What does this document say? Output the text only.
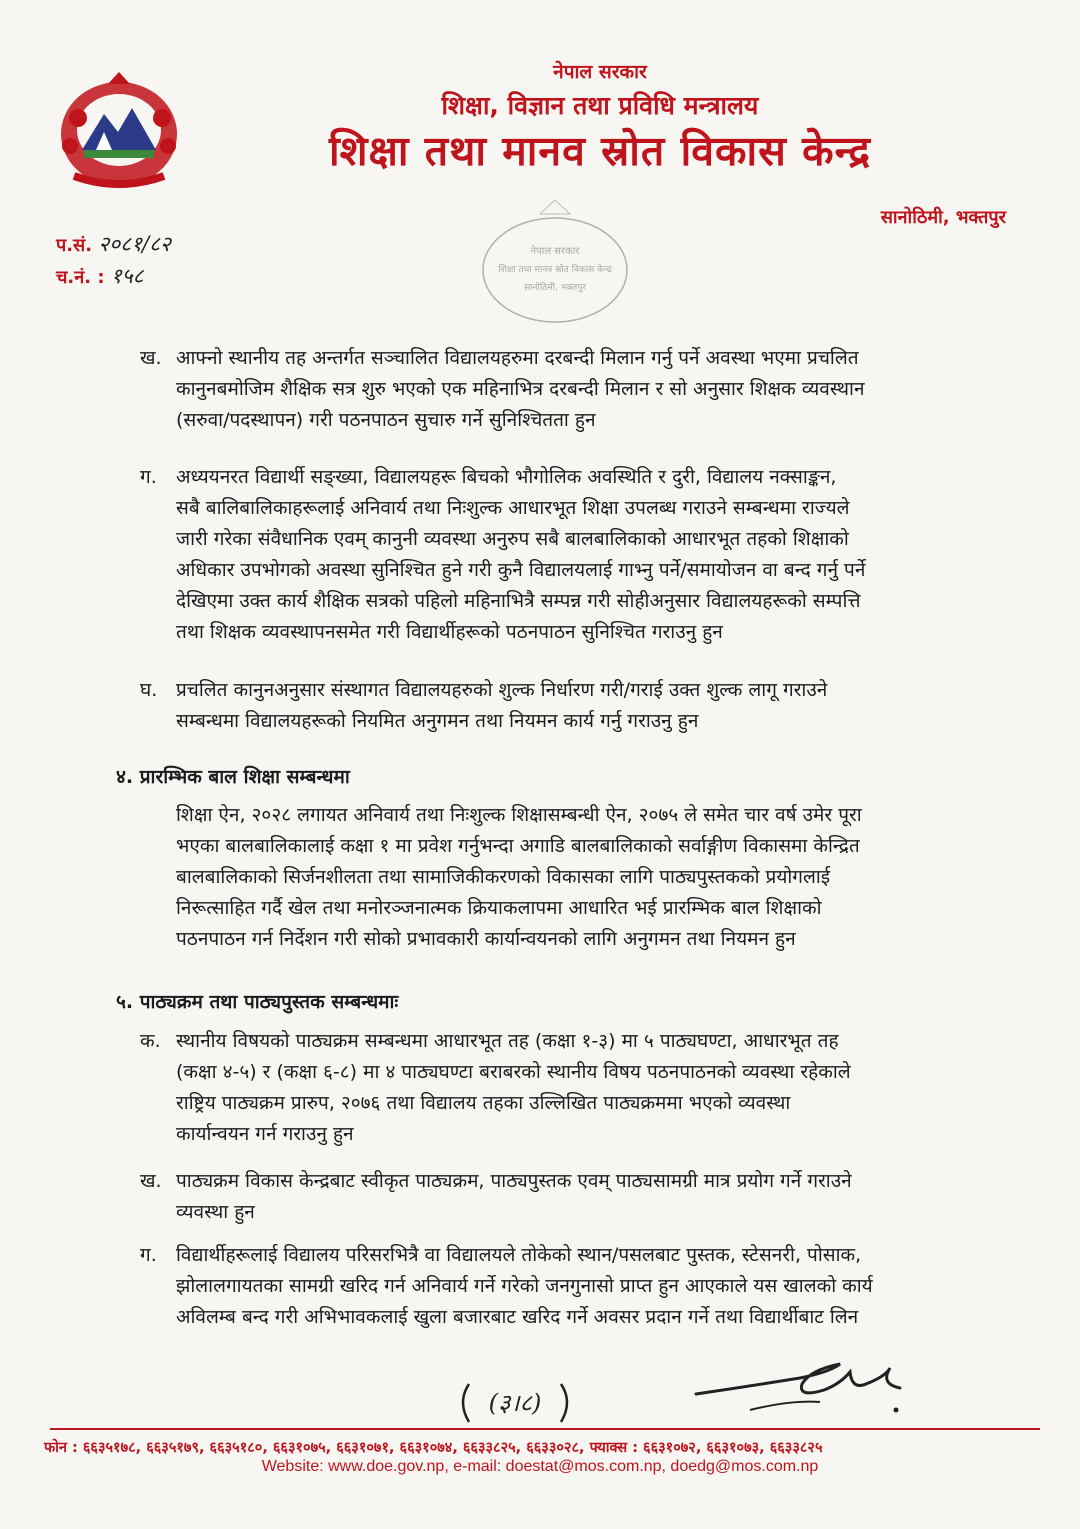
नेपाल सरकार
शिक्षा, विज्ञान तथा प्रविधि मन्त्रालय
शिक्षा तथा मानव स्रोत विकास केन्द्र
सानोठिमी, भक्तपुर
प.सं. २०८१/८२
च.नं. : १५८
नेपाल सरकार
शिक्षा तथा मानव स्रोत विकास केन्द्र
सानोठिमी, भक्तपुर
ख. आफ्नो स्थानीय तह अन्तर्गत सञ्चालित विद्यालयहरुमा दरबन्दी मिलान गर्नु पर्ने अवस्था भएमा प्रचलित
कानुनबमोजिम शैक्षिक सत्र शुरु भएको एक महिनाभित्र दरबन्दी मिलान र सो अनुसार शिक्षक व्यवस्थान
(सरुवा/पदस्थापन) गरी पठनपाठन सुचारु गर्ने सुनिश्चितता हुन
ग. अध्ययनरत विद्यार्थी सङ्ख्या, विद्यालयहरू बिचको भौगोलिक अवस्थिति र दुरी, विद्यालय नक्साङ्कन,
सबै बालिबालिकाहरूलाई अनिवार्य तथा निःशुल्क आधारभूत शिक्षा उपलब्ध गराउने सम्बन्धमा राज्यले
जारी गरेका संवैधानिक एवम् कानुनी व्यवस्था अनुरुप सबै बालबालिकाको आधारभूत तहको शिक्षाको
अधिकार उपभोगको अवस्था सुनिश्चित हुने गरी कुनै विद्यालयलाई गाभ्नु पर्ने/समायोजन वा बन्द गर्नु पर्ने
देखिएमा उक्त कार्य शैक्षिक सत्रको पहिलो महिनाभित्रै सम्पन्न गरी सोहीअनुसार विद्यालयहरूको सम्पत्ति
तथा शिक्षक व्यवस्थापनसमेत गरी विद्यार्थीहरूको पठनपाठन सुनिश्चित गराउनु हुन
घ. प्रचलित कानुनअनुसार संस्थागत विद्यालयहरुको शुल्क निर्धारण गरी/गराई उक्त शुल्क लागू गराउने
सम्बन्धमा विद्यालयहरूको नियमित अनुगमन तथा नियमन कार्य गर्नु गराउनु हुन
४. प्रारम्भिक बाल शिक्षा सम्बन्धमा
शिक्षा ऐन, २०२८ लगायत अनिवार्य तथा निःशुल्क शिक्षासम्बन्धी ऐन, २०७५ ले समेत चार वर्ष उमेर पूरा
भएका बालबालिकालाई कक्षा १ मा प्रवेश गर्नुभन्दा अगाडि बालबालिकाको सर्वाङ्गीण विकासमा केन्द्रित
बालबालिकाको सिर्जनशीलता तथा सामाजिकीकरणको विकासका लागि पाठ्यपुस्तकको प्रयोगलाई
निरूत्साहित गर्दै खेल तथा मनोरञ्जनात्मक क्रियाकलापमा आधारित भई प्रारम्भिक बाल शिक्षाको
पठनपाठन गर्न निर्देशन गरी सोको प्रभावकारी कार्यान्वयनको लागि अनुगमन तथा नियमन हुन
५. पाठ्यक्रम तथा पाठ्यपुस्तक सम्बन्धमाः
क. स्थानीय विषयको पाठ्यक्रम सम्बन्धमा आधारभूत तह (कक्षा १-३) मा ५ पाठ्यघण्टा, आधारभूत तह
(कक्षा ४-५) र (कक्षा ६-८) मा ४ पाठ्यघण्टा बराबरको स्थानीय विषय पठनपाठनको व्यवस्था रहेकाले
राष्ट्रिय पाठ्यक्रम प्रारुप, २०७६ तथा विद्यालय तहका उल्लिखित पाठ्यक्रममा भएको व्यवस्था
कार्यान्वयन गर्न गराउनु हुन
ख. पाठ्यक्रम विकास केन्द्रबाट स्वीकृत पाठ्यक्रम, पाठ्यपुस्तक एवम् पाठ्यसामग्री मात्र प्रयोग गर्ने गराउने
व्यवस्था हुन
ग. विद्यार्थीहरूलाई विद्यालय परिसरभित्रै वा विद्यालयले तोकेको स्थान/पसलबाट पुस्तक, स्टेसनरी, पोसाक,
झोलालगायतका सामग्री खरिद गर्न अनिवार्य गर्ने गरेको जनगुनासो प्राप्त हुन आएकाले यस खालको कार्य
अविलम्ब बन्द गरी अभिभावकलाई खुला बजारबाट खरिद गर्ने अवसर प्रदान गर्ने तथा विद्यार्थीबाट लिन
(३।८)
फोन : ६६३५१७८, ६६३५१७९, ६६३५१८०, ६६३१०७५, ६६३१०७१, ६६३१०७४, ६६३३८२५, ६६३३०२८, फ्याक्स : ६६३१०७२, ६६३१०७३, ६६३३८२५
Website: www.doe.gov.np, e-mail: doestat@mos.com.np, doedg@mos.com.np
